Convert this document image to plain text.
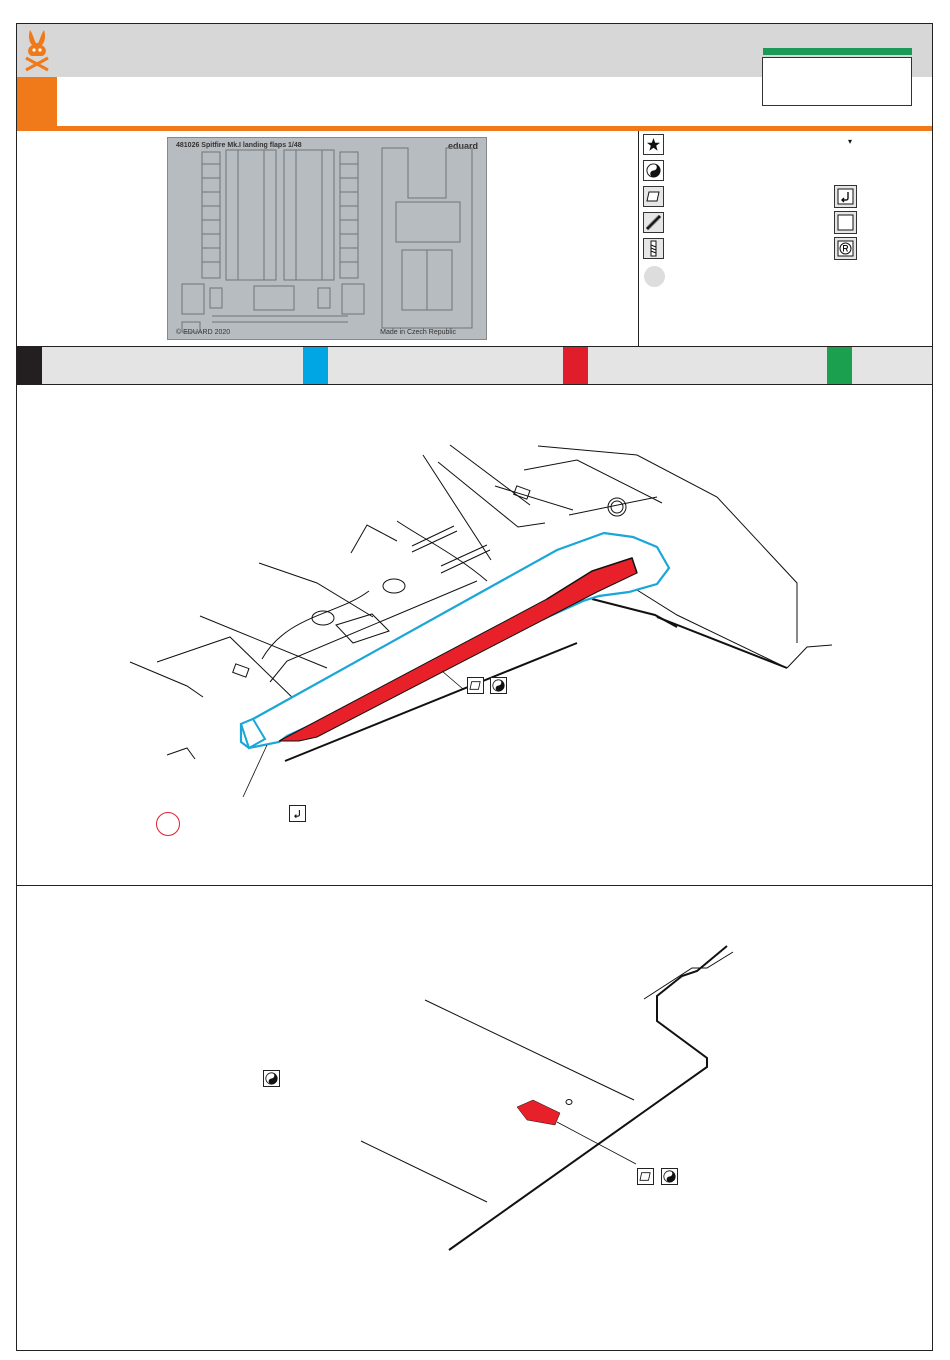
481026 Spitfire Mk.I landing flaps 1/48	eduard
© EDUARD 2020	Made in Czech Republic
▾
